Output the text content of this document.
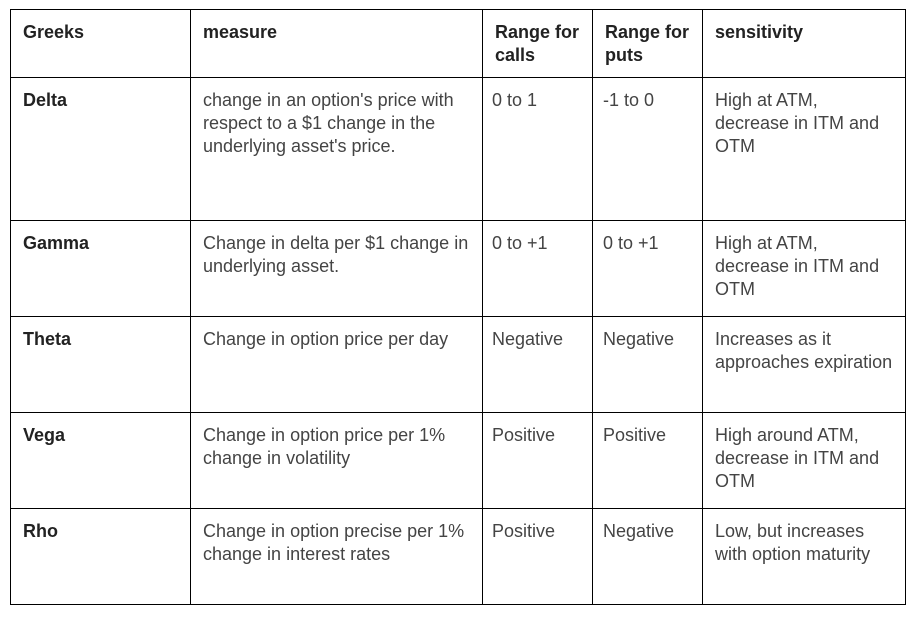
Greeks	measure	Range for calls	Range for puts	sensitivity
Delta	change in an option's price with respect to a $1 change in the underlying asset's price.	0 to 1	-1 to 0	High at ATM, decrease in ITM and OTM
Gamma	Change in delta per $1 change in underlying asset.	0 to +1	0 to +1	High at ATM, decrease in ITM and OTM
Theta	Change in option price per day	Negative	Negative	Increases as it approaches expiration
Vega	Change in option price per 1% change in volatility	Positive	Positive	High around ATM, decrease in ITM and OTM
Rho	Change in option precise per 1% change in interest rates	Positive	Negative	Low, but increases with option maturity
